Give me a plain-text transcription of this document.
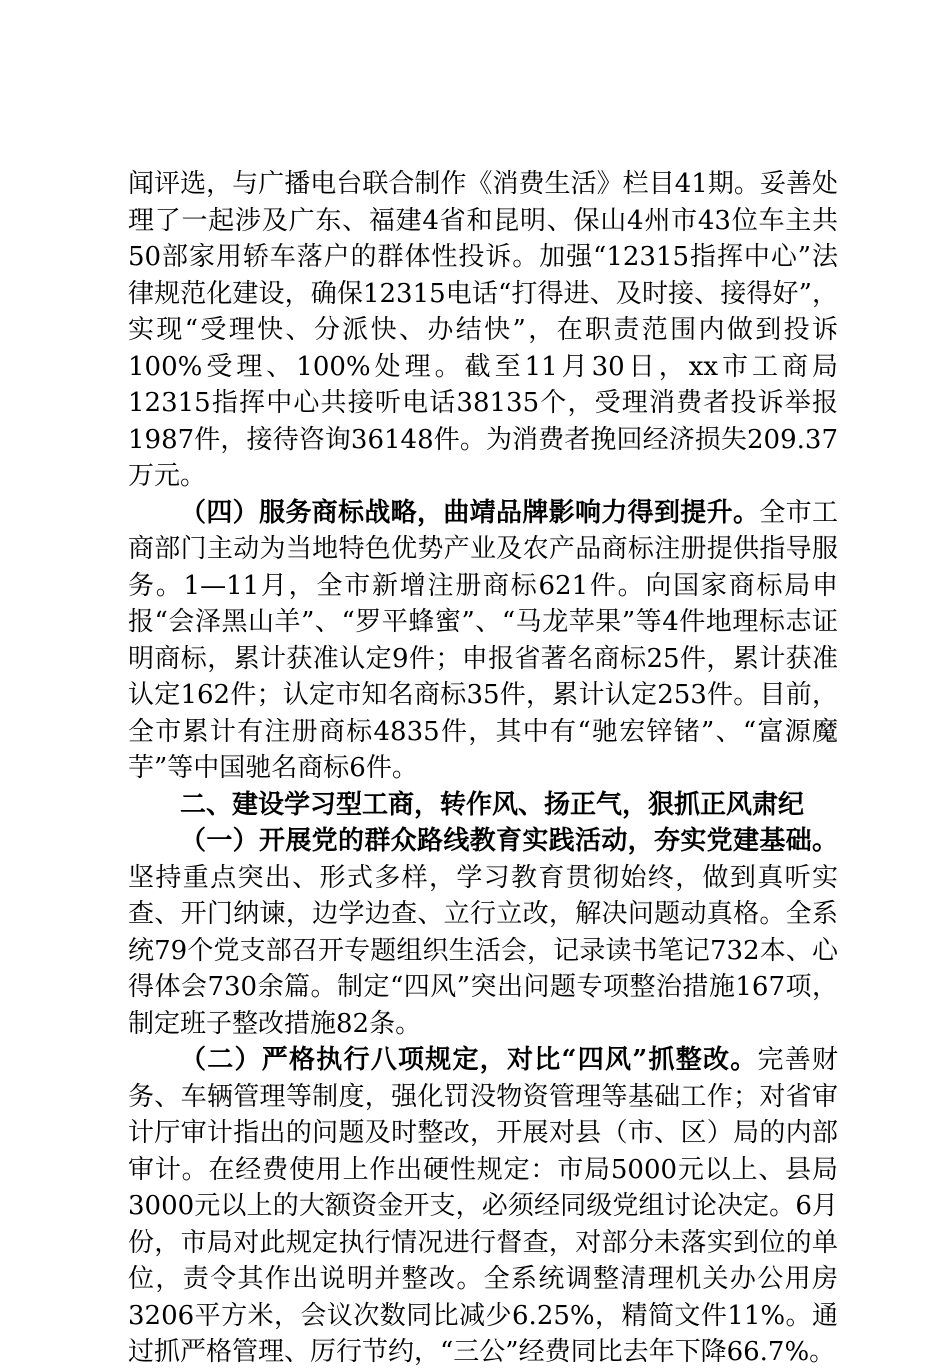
闻评选，与广播电台联合制作《消费生活》栏目41期。妥善处理了一起涉及广东、福建4省和昆明、保山4州市43位车主共50部家用轿车落户的群体性投诉。加强“12315指挥中心”法律规范化建设，确保12315电话“打得进、及时接、接得好”，实现“受理快、分派快、办结快”，在职责范围内做到投诉100%受理、100%处理。截至11月30日，xx市工商局12315指挥中心共接听电话38135个，受理消费者投诉举报1987件，接待咨询36148件。为消费者挽回经济损失209.37万元。

（四）服务商标战略，曲靖品牌影响力得到提升。全市工商部门主动为当地特色优势产业及农产品商标注册提供指导服务。1—11月，全市新增注册商标621件。向国家商标局申报“会泽黑山羊”、“罗平蜂蜜”、“马龙苹果”等4件地理标志证明商标，累计获准认定9件；申报省著名商标25件，累计获准认定162件；认定市知名商标35件，累计认定253件。目前，全市累计有注册商标4835件，其中有“驰宏锌锗”、“富源魔芋”等中国驰名商标6件。

二、建设学习型工商，转作风、扬正气，狠抓正风肃纪

（一）开展党的群众路线教育实践活动，夯实党建基础。坚持重点突出、形式多样，学习教育贯彻始终，做到真听实查、开门纳谏，边学边查、立行立改，解决问题动真格。全系统79个党支部召开专题组织生活会，记录读书笔记732本、心得体会730余篇。制定“四风”突出问题专项整治措施167项，制定班子整改措施82条。

（二）严格执行八项规定，对比“四风”抓整改。完善财务、车辆管理等制度，强化罚没物资管理等基础工作；对省审计厅审计指出的问题及时整改，开展对县（市、区）局的内部审计。在经费使用上作出硬性规定：市局5000元以上、县局3000元以上的大额资金开支，必须经同级党组讨论决定。6月份，市局对此规定执行情况进行督查，对部分未落实到位的单位，责令其作出说明并整改。全系统调整清理机关办公用房3206平方米，会议次数同比减少6.25%，精简文件11%。通过抓严格管理、厉行节约，“三公”经费同比去年下降66.7%。
